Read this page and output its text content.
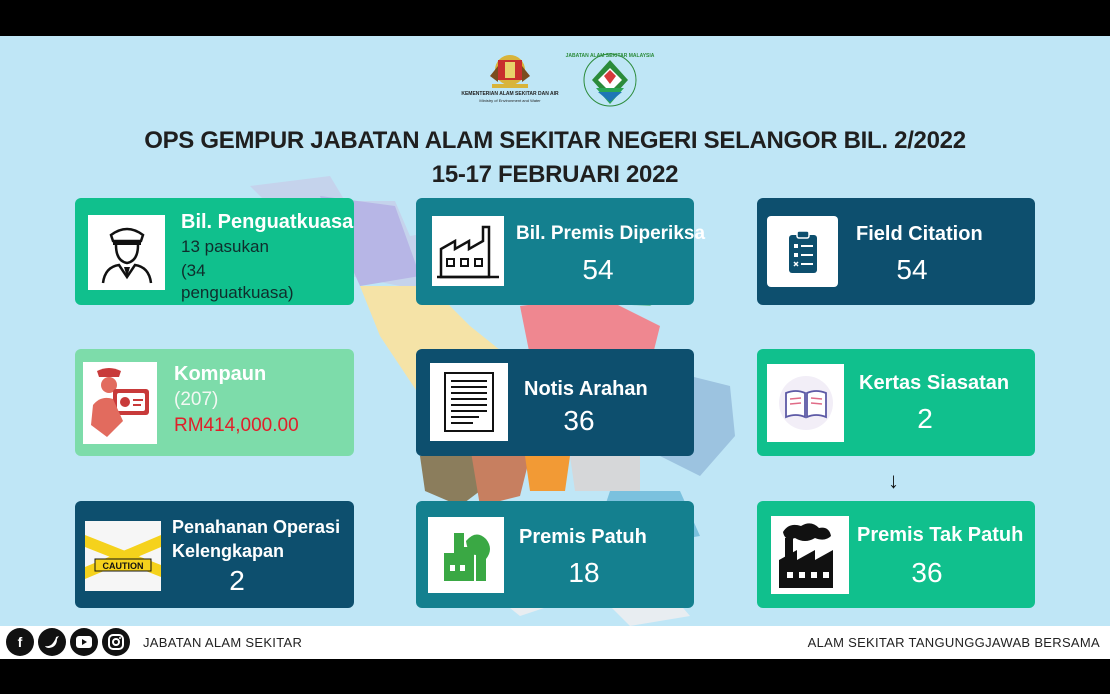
KEMENTERIAN ALAM SEKITAR DAN AIR
Ministry of Environment and Water
JABATAN ALAM SEKITAR MALAYSIA
OPS GEMPUR JABATAN ALAM SEKITAR NEGERI SELANGOR BIL. 2/2022
15-17 FEBRUARI 2022
Bil. Penguatkuasa
13 pasukan
(34
penguatkuasa)
Bil. Premis Diperiksa
54
Field Citation
54
Kompaun
(207)
RM414,000.00
Notis Arahan
36
Kertas Siasatan
2
↓
CAUTION
Penahanan Operasi
Kelengkapan
2
Premis Patuh
18
Premis Tak Patuh
36
f	JABATAN ALAM SEKITAR	ALAM SEKITAR TANGUNGGJAWAB BERSAMA
